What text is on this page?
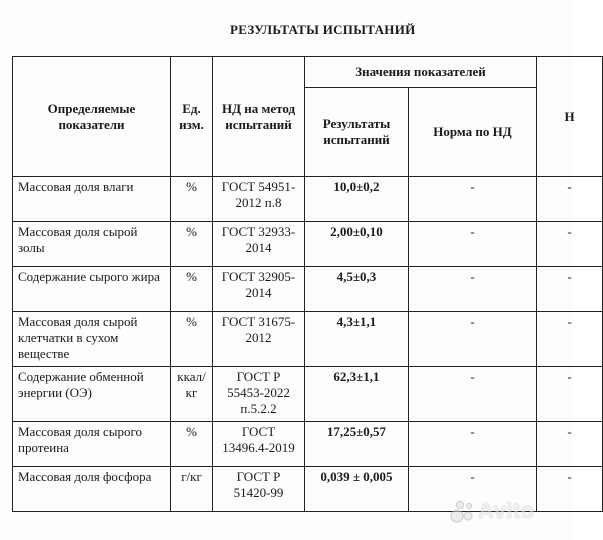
РЕЗУЛЬТАТЫ ИСПЫТАНИЙ
Определяемые показатели	Ед. изм.	НД на метод испытаний	Значения показателей		Н
			Результаты испытаний	Норма по НД	
Массовая доля влаги	%	ГОСТ 54951-2012 п.8	10,0±0,2	-	-
Массовая доля сырой золы	%	ГОСТ 32933-2014	2,00±0,10	-	-
Содержание сырого жира	%	ГОСТ 32905-2014	4,5±0,3	-	-
Массовая доля сырой клетчатки в сухом веществе	%	ГОСТ 31675-2012	4,3±1,1	-	-
Содержание обменной энергии (ОЭ)	ккал/кг	ГОСТ Р 55453-2022 п.5.2.2	62,3±1,1	-	-
Массовая доля сырого протеина	%	ГОСТ 13496.4-2019	17,25±0,57	-	-
Массовая доля фосфора	г/кг	ГОСТ Р 51420-99	0,039 ± 0,005	-	-
Avito
